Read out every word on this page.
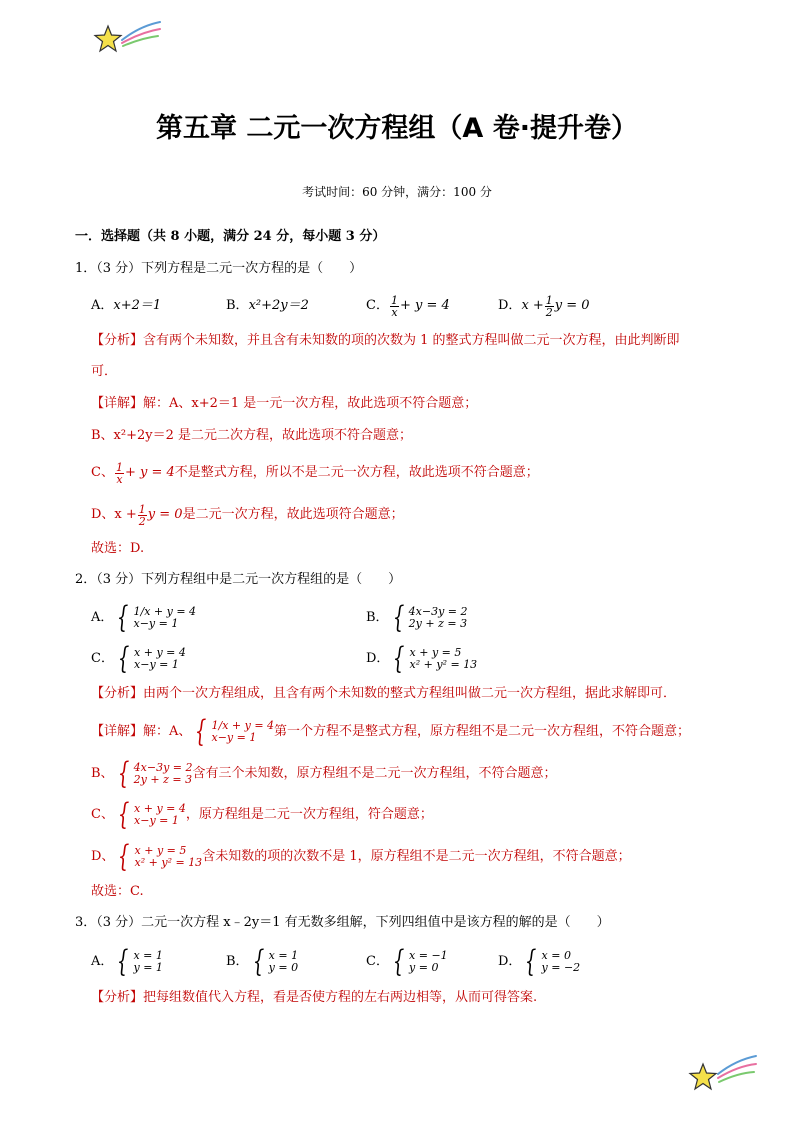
第五章 二元一次方程组（A 卷·提升卷）
考试时间：60 分钟，满分：100 分
一．选择题（共 8 小题，满分 24 分，每小题 3 分）
1．（3 分）下列方程是二元一次方程的是（　　）
A．x+2＝1	B．x²+2y＝2	C． $\frac{1}{x} + y = 4$	D． $x + \frac{1}{2}$ y = 0
【分析】含有两个未知数，并且含有未知数的项的次数为 1 的整式方程叫做二元一次方程，由此判断即
可．
【详解】解：A、x+2＝1 是一元一次方程，故此选项不符合题意；
B、x²+2y＝2 是二元二次方程，故此选项不符合题意；
C、 $\frac{1}{x} + y = 4$ 不是整式方程，所以不是二元一次方程，故此选项不符合题意；
D、$x + \frac{1}{2}$ y = 0 是二元一次方程，故此选项符合题意；
故选：D.
2．（3 分）下列方程组中是二元一次方程组的是（　　）
A． { 1/x + y = 4
x−y = 1	B． { 4x−3y = 2
2y + z = 3
C． { x + y = 4
x−y = 1	D． { x + y = 5
x² + y² = 13
【分析】由两个一次方程组成，且含有两个未知数的整式方程组叫做二元一次方程组，据此求解即可．
【详解】 解：A、 { 1/x + y = 4
x−y = 1	第一个方程不是整式方程，原方程组不是二元一次方程组，不符合题意；
B、 { 4x−3y = 2
2y + z = 3 含有三个未知数，原方程组不是二元一次方程组，不符合题意；
C、 { x + y = 4
x−y = 1 ，原方程组是二元一次方程组，符合题意；
D、 { x + y = 5
x² + y² = 13 含未知数的项的次数不是 1，原方程组不是二元一次方程组，不符合题意；
故选：C.
3．（3 分）二元一次方程 x﹣2y＝1 有无数多组解，下列四组值中是该方程的解的是（　　）
A． { x = 1
y = 1	B． { x = 1
y = 0	C． { x = −1
y = 0	D． { x = 0
y = −2
【分析】把每组数值代入方程，看是否使方程的左右两边相等，从而可得答案.
